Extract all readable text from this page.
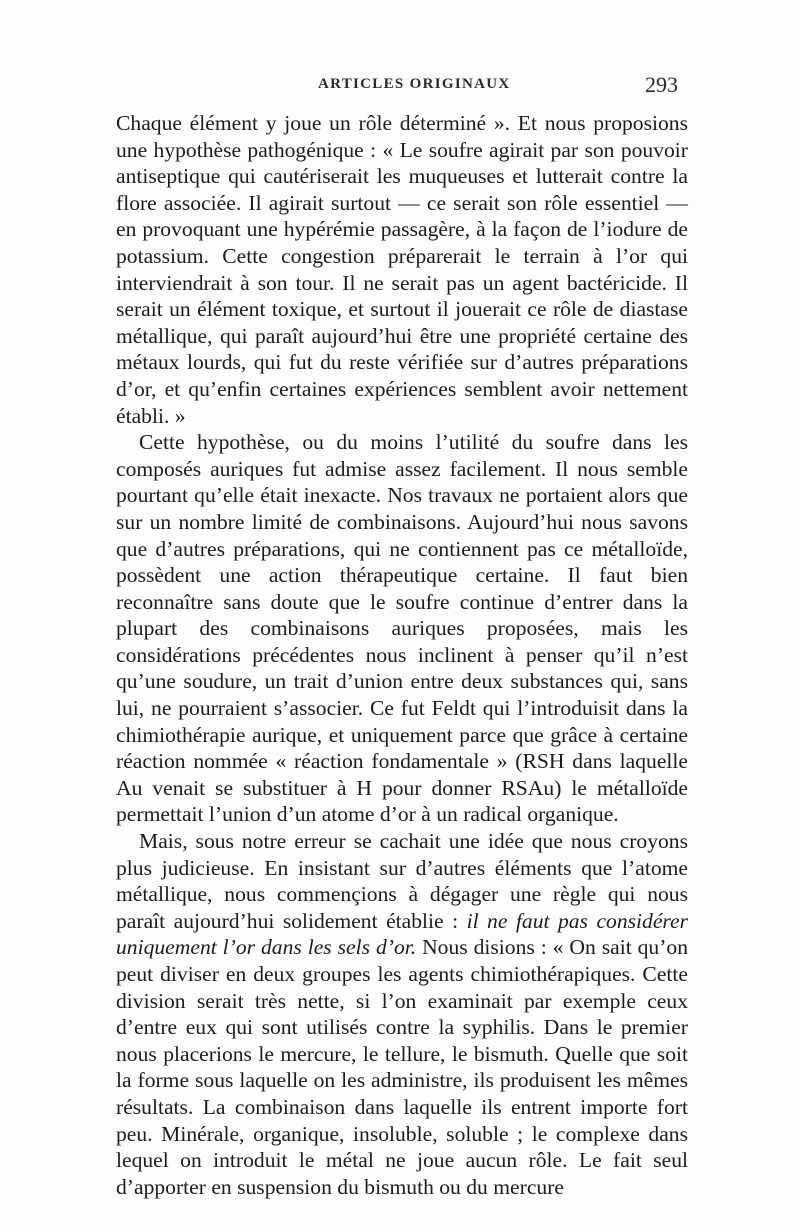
ARTICLES ORIGINAUX	293

Chaque élément y joue un rôle déterminé ». Et nous proposions une hypothèse pathogénique : « Le soufre agirait par son pouvoir antiseptique qui cautériserait les muqueuses et lutterait contre la flore associée. Il agirait surtout — ce serait son rôle essentiel — en provoquant une hypérémie passagère, à la façon de l’iodure de potassium. Cette congestion préparerait le terrain à l’or qui interviendrait à son tour. Il ne serait pas un agent bactéricide. Il serait un élément toxique, et surtout il jouerait ce rôle de diastase métallique, qui paraît aujourd’hui être une propriété certaine des métaux lourds, qui fut du reste vérifiée sur d’autres préparations d’or, et qu’enfin certaines expériences semblent avoir nettement établi. »

Cette hypothèse, ou du moins l’utilité du soufre dans les composés auriques fut admise assez facilement. Il nous semble pourtant qu’elle était inexacte. Nos travaux ne portaient alors que sur un nombre limité de combinaisons. Aujourd’hui nous savons que d’autres préparations, qui ne contiennent pas ce métalloïde, possèdent une action thérapeutique certaine. Il faut bien reconnaître sans doute que le soufre continue d’entrer dans la plupart des combinaisons auriques proposées, mais les considérations précédentes nous inclinent à penser qu’il n’est qu’une soudure, un trait d’union entre deux substances qui, sans lui, ne pourraient s’associer. Ce fut Feldt qui l’introduisit dans la chimiothérapie aurique, et uniquement parce que grâce à certaine réaction nommée « réaction fondamentale » (RSH dans laquelle Au venait se substituer à H pour donner RSAu) le métalloïde permettait l’union d’un atome d’or à un radical organique.

Mais, sous notre erreur se cachait une idée que nous croyons plus judicieuse. En insistant sur d’autres éléments que l’atome métallique, nous commençions à dégager une règle qui nous paraît aujourd’hui solidement établie : il ne faut pas considérer uniquement l’or dans les sels d’or. Nous disions : « On sait qu’on peut diviser en deux groupes les agents chimiothérapiques. Cette division serait très nette, si l’on examinait par exemple ceux d’entre eux qui sont utilisés contre la syphilis. Dans le premier nous placerions le mercure, le tellure, le bismuth. Quelle que soit la forme sous laquelle on les administre, ils produisent les mêmes résultats. La combinaison dans laquelle ils entrent importe fort peu. Minérale, organique, insoluble, soluble ; le complexe dans lequel on introduit le métal ne joue aucun rôle. Le fait seul d’apporter en suspension du bismuth ou du mercure
